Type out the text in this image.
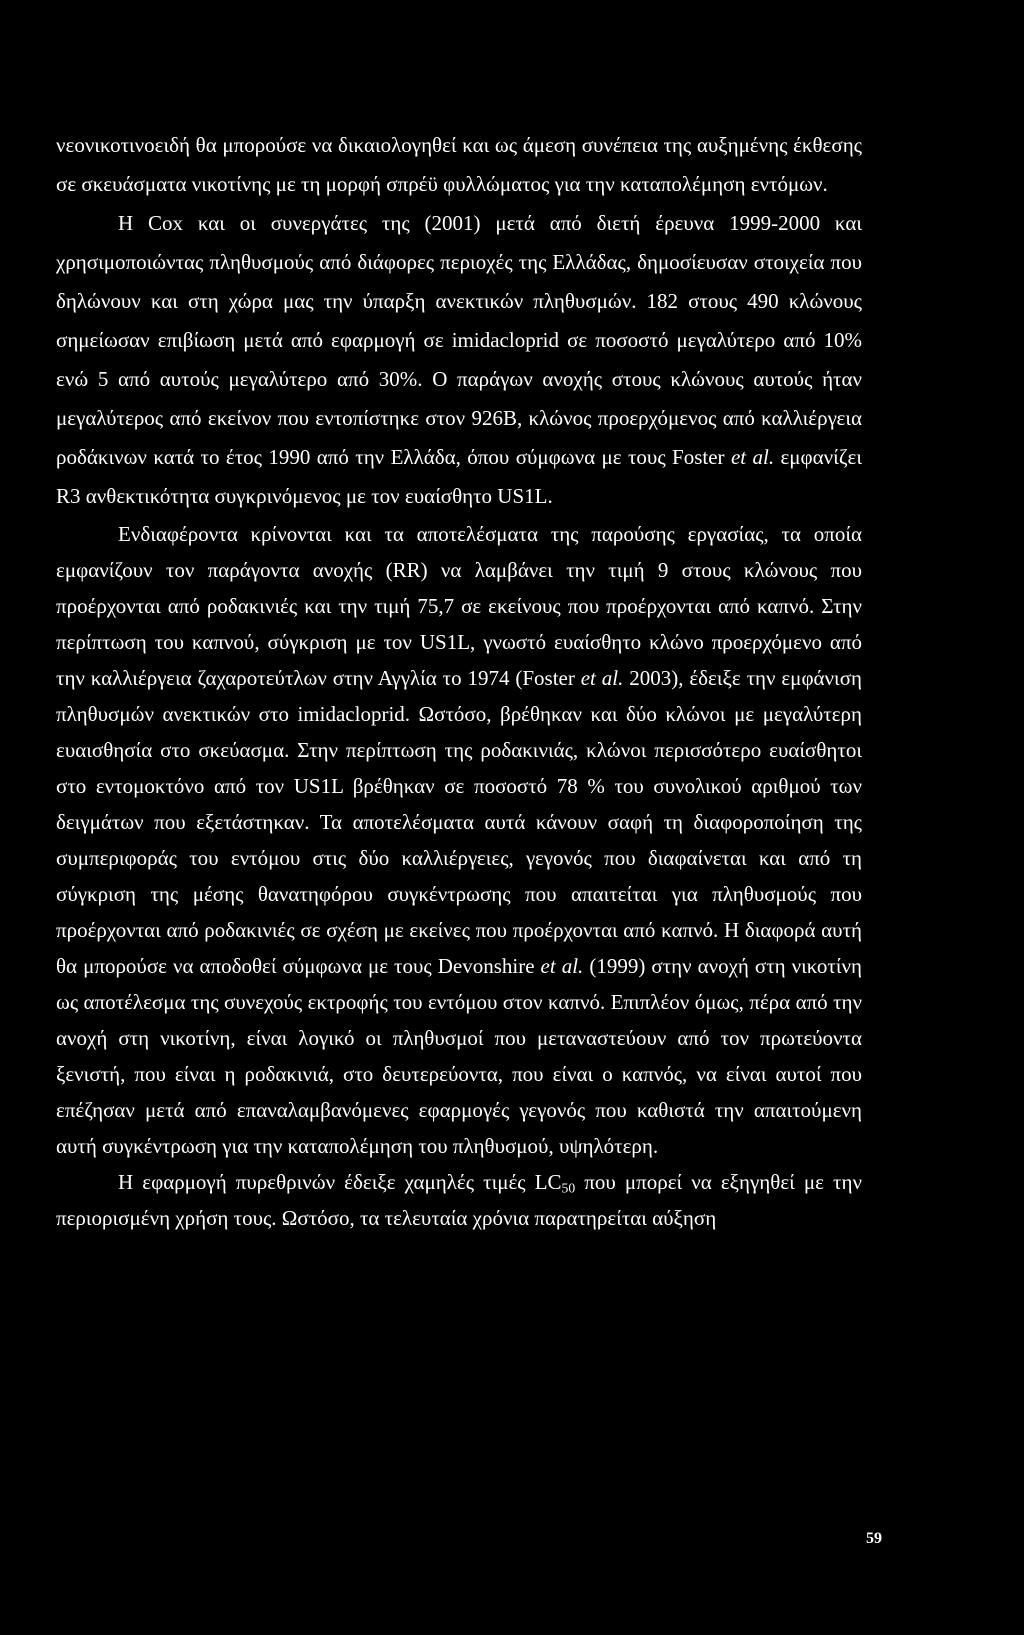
νεονικοτινοειδή θα μπορούσε να δικαιολογηθεί και ως άμεση συνέπεια της αυξημένης έκθεσης σε σκευάσματα νικοτίνης με τη μορφή σπρέϋ φυλλώματος για την καταπολέμηση εντόμων.

Η Cox και οι συνεργάτες της (2001) μετά από διετή έρευνα 1999-2000 και χρησιμοποιώντας πληθυσμούς από διάφορες περιοχές της Ελλάδας, δημοσίευσαν στοιχεία που δηλώνουν και στη χώρα μας την ύπαρξη ανεκτικών πληθυσμών. 182 στους 490 κλώνους σημείωσαν επιβίωση μετά από εφαρμογή σε imidacloprid σε ποσοστό μεγαλύτερο από 10% ενώ 5 από αυτούς μεγαλύτερο από 30%. Ο παράγων ανοχής στους κλώνους αυτούς ήταν μεγαλύτερος από εκείνον που εντοπίστηκε στον 926B, κλώνος προερχόμενος από καλλιέργεια ροδάκινων κατά το έτος 1990 από την Ελλάδα, όπου σύμφωνα με τους Foster et al. εμφανίζει R3 ανθεκτικότητα συγκρινόμενος με τον ευαίσθητο US1L.

Ενδιαφέροντα κρίνονται και τα αποτελέσματα της παρούσης εργασίας, τα οποία εμφανίζουν τον παράγοντα ανοχής (RR) να λαμβάνει την τιμή 9 στους κλώνους που προέρχονται από ροδακινιές και την τιμή 75,7 σε εκείνους που προέρχονται από καπνό. Στην περίπτωση του καπνού, σύγκριση με τον US1L, γνωστό ευαίσθητο κλώνο προερχόμενο από την καλλιέργεια ζαχαροτεύτλων στην Αγγλία το 1974 (Foster et al. 2003), έδειξε την εμφάνιση πληθυσμών ανεκτικών στο imidacloprid. Ωστόσο, βρέθηκαν και δύο κλώνοι με μεγαλύτερη ευαισθησία στο σκεύασμα. Στην περίπτωση της ροδακινιάς, κλώνοι περισσότερο ευαίσθητοι στο εντομοκτόνο από τον US1L βρέθηκαν σε ποσοστό 78 % του συνολικού αριθμού των δειγμάτων που εξετάστηκαν. Τα αποτελέσματα αυτά κάνουν σαφή τη διαφοροποίηση της συμπεριφοράς του εντόμου στις δύο καλλιέργειες, γεγονός που διαφαίνεται και από τη σύγκριση της μέσης θανατηφόρου συγκέντρωσης που απαιτείται για πληθυσμούς που προέρχονται από ροδακινιές σε σχέση με εκείνες που προέρχονται από καπνό. Η διαφορά αυτή θα μπορούσε να αποδοθεί σύμφωνα με τους Devonshire et al. (1999) στην ανοχή στη νικοτίνη ως αποτέλεσμα της συνεχούς εκτροφής του εντόμου στον καπνό. Επιπλέον όμως, πέρα από την ανοχή στη νικοτίνη, είναι λογικό οι πληθυσμοί που μεταναστεύουν από τον πρωτεύοντα ξενιστή, που είναι η ροδακινιά, στο δευτερεύοντα, που είναι ο καπνός, να είναι αυτοί που επέζησαν μετά από επαναλαμβανόμενες εφαρμογές γεγονός που καθιστά την απαιτούμενη αυτή συγκέντρωση για την καταπολέμηση του πληθυσμού, υψηλότερη.

Η εφαρμογή πυρεθρινών έδειξε χαμηλές τιμές $LC_{50}$ που μπορεί να εξηγηθεί με την περιορισμένη χρήση τους. Ωστόσο, τα τελευταία χρόνια παρατηρείται αύξηση

59
